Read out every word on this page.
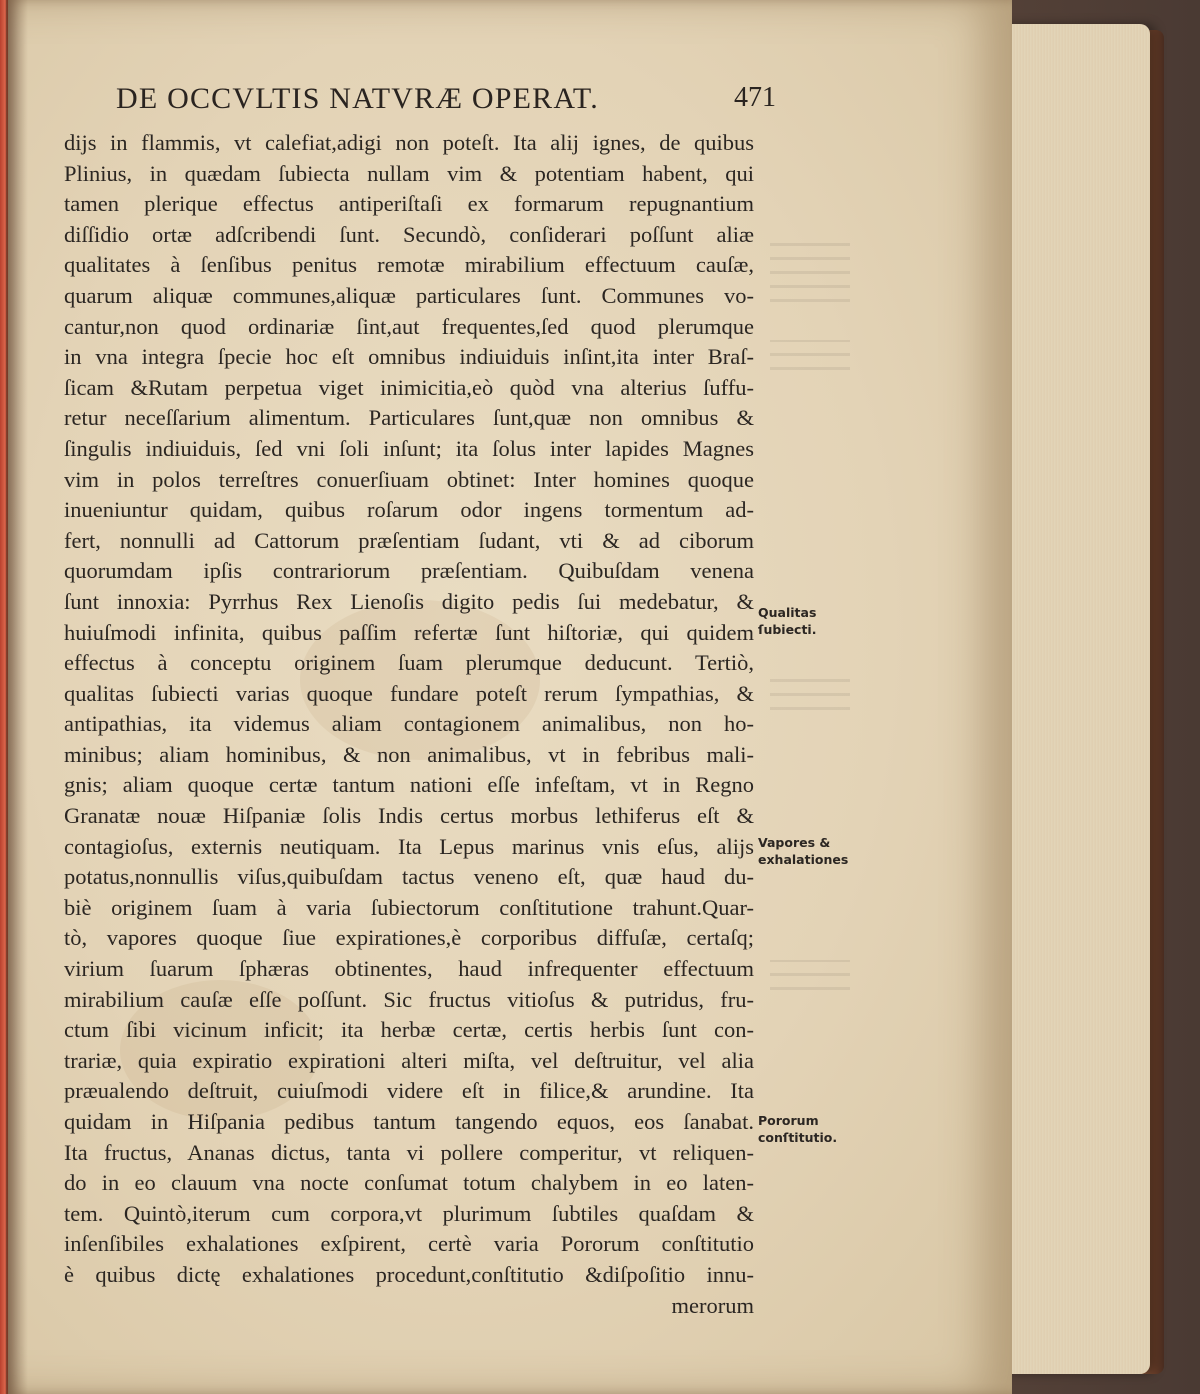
DE OCCVLTIS NATVRÆ OPERAT.	471
dijs in flammis, vt calefiat,adigi non poteſt. Ita alij ignes, de quibus
Plinius, in quædam ſubiecta nullam vim & potentiam habent, qui
tamen plerique effectus antiperiſtaſi ex formarum repugnantium
diſſidio ortæ adſcribendi ſunt. Secundò, conſiderari poſſunt aliæ
qualitates à ſenſibus penitus remotæ mirabilium effectuum cauſæ,
quarum aliquæ communes,aliquæ particulares ſunt. Communes vo-
cantur,non quod ordinariæ ſint,aut frequentes,ſed quod plerumque
in vna integra ſpecie hoc eſt omnibus indiuiduis inſint,ita inter Braſ-
ſicam &Rutam perpetua viget inimicitia,eò quòd vna alterius ſuffu-
retur neceſſarium alimentum. Particulares ſunt,quæ non omnibus &
ſingulis indiuiduis, ſed vni ſoli inſunt; ita ſolus inter lapides Magnes
vim in polos terreſtres conuerſiuam obtinet: Inter homines quoque
inueniuntur quidam, quibus roſarum odor ingens tormentum ad-
fert, nonnulli ad Cattorum præſentiam ſudant, vti & ad ciborum
quorumdam ipſis contrariorum præſentiam. Quibuſdam venena
ſunt innoxia: Pyrrhus Rex Lienoſis digito pedis ſui medebatur, &
huiuſmodi infinita, quibus paſſim refertæ ſunt hiſtoriæ, qui quidem
effectus à conceptu originem ſuam plerumque deducunt. Tertiò,
qualitas ſubiecti varias quoque fundare poteſt rerum ſympathias, &
antipathias, ita videmus aliam contagionem animalibus, non ho-
minibus; aliam hominibus, & non animalibus, vt in febribus mali-
gnis; aliam quoque certæ tantum nationi eſſe infeſtam, vt in Regno
Granatæ nouæ Hiſpaniæ ſolis Indis certus morbus lethiferus eſt &
contagioſus, externis neutiquam. Ita Lepus marinus vnis eſus, alijs
potatus,nonnullis viſus,quibuſdam tactus veneno eſt, quæ haud du-
biè originem ſuam à varia ſubiectorum conſtitutione trahunt.Quar-
tò, vapores quoque ſiue expirationes,è corporibus diffuſæ, certaſq;
virium ſuarum ſphæras obtinentes, haud infrequenter effectuum
mirabilium cauſæ eſſe poſſunt. Sic fructus vitioſus & putridus, fru-
ctum ſibi vicinum inficit; ita herbæ certæ, certis herbis ſunt con-
trariæ, quia expiratio expirationi alteri miſta, vel deſtruitur, vel alia
præualendo deſtruit, cuiuſmodi videre eſt in filice,& arundine. Ita
quidam in Hiſpania pedibus tantum tangendo equos, eos ſanabat.
Ita fructus, Ananas dictus, tanta vi pollere comperitur, vt reliquen-
do in eo clauum vna nocte conſumat totum chalybem in eo laten-
tem. Quintò,iterum cum corpora,vt plurimum ſubtiles quaſdam &
inſenſibiles exhalationes exſpirent, certè varia Pororum conſtitutio
è quibus dictę exhalationes procedunt,conſtitutio &diſpoſitio innu-
merorum
Qualitas
ſubiecti.
Vapores &
exhalationes
Pororum
conſtitutio.
